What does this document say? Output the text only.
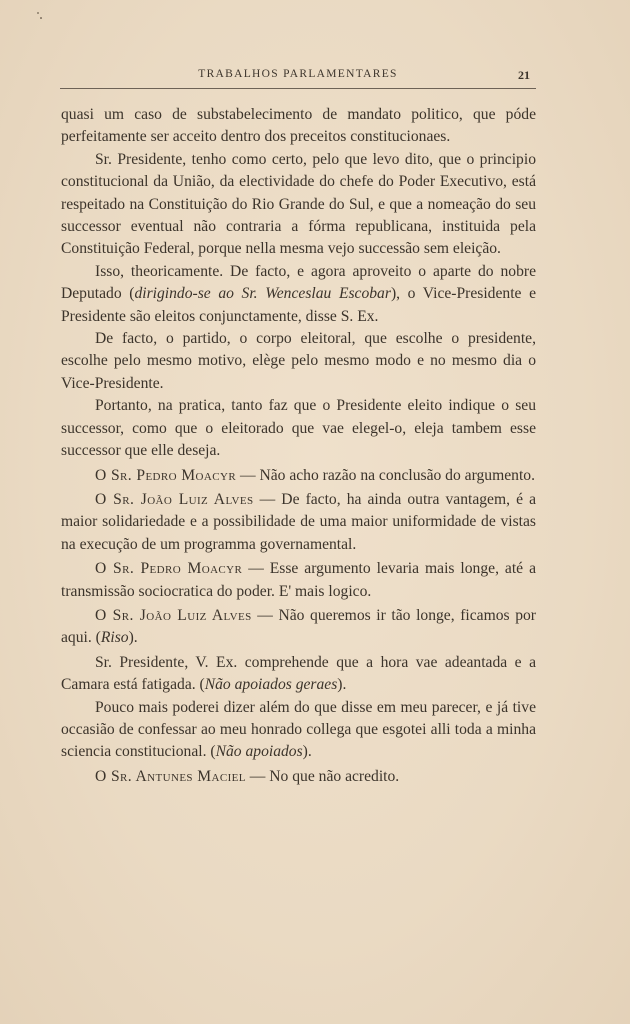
TRABALHOS PARLAMENTARES	21

quasi um caso de substabelecimento de mandato politico, que póde perfeitamente ser acceito dentro dos preceitos constitucionaes.

Sr. Presidente, tenho como certo, pelo que levo dito, que o principio constitucional da União, da electividade do chefe do Poder Executivo, está respeitado na Constituição do Rio Grande do Sul, e que a nomeação do seu successor eventual não contraria a fórma republicana, instituida pela Constituição Federal, porque nella mesma vejo successão sem eleição.

Isso, theoricamente. De facto, e agora aproveito o aparte do nobre Deputado (dirigindo-se ao Sr. Wenceslau Escobar), o Vice-Presidente e Presidente são eleitos conjunctamente, disse S. Ex.

De facto, o partido, o corpo eleitoral, que escolhe o presidente, escolhe pelo mesmo motivo, elège pelo mesmo modo e no mesmo dia o Vice-Presidente.

Portanto, na pratica, tanto faz que o Presidente eleito indique o seu successor, como que o eleitorado que vae elegel-o, eleja tambem esse successor que elle deseja.

O Sr. Pedro Moacyr — Não acho razão na conclusão do argumento.

O Sr. João Luiz Alves — De facto, ha ainda outra vantagem, é a maior solidariedade e a possibilidade de uma maior uniformidade de vistas na execução de um programma governamental.

O Sr. Pedro Moacyr — Esse argumento levaria mais longe, até a transmissão sociocratica do poder. E' mais logico.

O Sr. João Luiz Alves — Não queremos ir tão longe, ficamos por aqui. (Riso).

Sr. Presidente, V. Ex. comprehende que a hora vae adeantada e a Camara está fatigada. (Não apoiados geraes).

Pouco mais poderei dizer além do que disse em meu parecer, e já tive occasião de confessar ao meu honrado collega que esgotei alli toda a minha sciencia constitucional. (Não apoiados).

O Sr. Antunes Maciel — No que não acredito.
